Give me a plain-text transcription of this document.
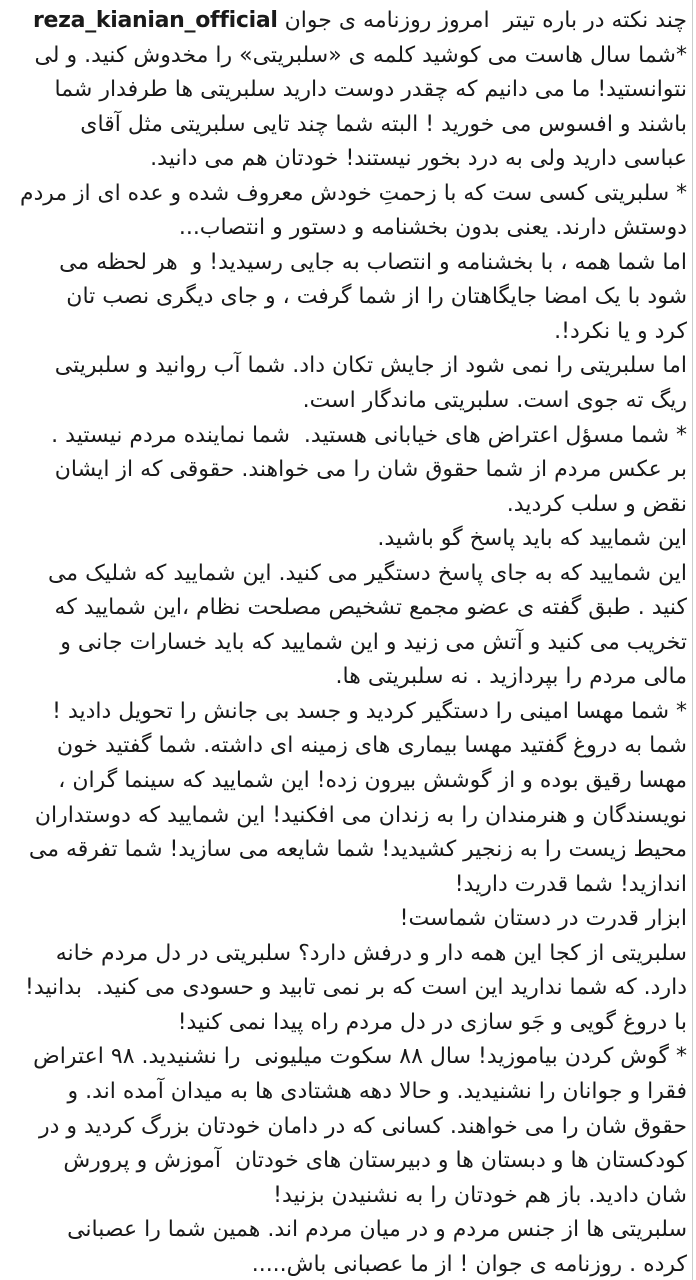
چند نکته در باره تیتر  امروز روزنامه ی جوان reza_kianian_official
*شما سال هاست می کوشید کلمه ی «سلبریتی» را مخدوش کنید. و لی
نتوانستید! ما می دانیم که چقدر دوست دارید سلبریتی ها طرفدار شما
باشند و افسوس می خورید ! البته شما چند تایی سلبریتی مثل آقای
عباسی دارید ولی به درد بخور نیستند! خودتان هم می دانید.
* سلبریتی کسی ست که با زحمتِ خودش معروف شده و عده ای از مردم
دوستش دارند. یعنی بدون بخشنامه و دستور و انتصاب...
اما شما همه ، با بخشنامه و انتصاب به جایی رسیدید! و  هر لحظه می
شود با یک امضا جایگاهتان را از شما گرفت ، و جای دیگری نصب تان
کرد و یا نکرد!.
اما سلبریتی را نمی شود از جایش تکان داد. شما آب روانید و سلبریتی
ریگ ته جوی است. سلبریتی ماندگار است.
* شما مسؤل اعتراض های خیابانی هستید.  شما نماینده مردم نیستید .
بر عکس مردم از شما حقوق شان را می خواهند. حقوقی که از ایشان
نقض و سلب کردید.
این شمایید که باید پاسخ گو باشید.
این شمایید که به جای پاسخ دستگیر می کنید. این شمایید که شلیک می
کنید . طبق گفته ی عضو مجمع تشخیص مصلحت نظام ،این شمایید که
تخریب می کنید و آتش می زنید و این شمایید که باید خسارات جانی و
مالی مردم را بپردازید . نه سلبریتی ها.
* شما مهسا امینی را دستگیر کردید و جسد بی جانش را تحویل دادید !
شما به دروغ گفتید مهسا بیماری های زمینه ای داشته. شما گفتید خون
مهسا رقیق بوده و از گوشش بیرون زده! این شمایید که سینما گران ،
نویسندگان و هنرمندان را به زندان می افکنید! این شمایید که دوستداران
محیط زیست را به زنجیر کشیدید! شما شایعه می سازید! شما تفرقه می
اندازید! شما قدرت دارید!
ابزار قدرت در دستان شماست!
سلبریتی از کجا این همه دار و درفش دارد؟ سلبریتی در دل مردم خانه
دارد. که شما ندارید این است که بر نمی تابید و حسودی می کنید.  بدانید!
با دروغ گویی و جَو سازی در دل مردم راه پیدا نمی کنید!
* گوش کردن بیاموزید! سال ۸۸ سکوت میلیونی  را نشنیدید. ۹۸ اعتراض
فقرا و جوانان را نشنیدید. و حالا دهه هشتادی ها به میدان آمده اند. و
حقوق شان را می خواهند. کسانی که در دامان خودتان بزرگ کردید و در
کودکستان ها و دبستان ها و دبیرستان های خودتان  آموزش و پرورش
شان دادید. باز هم خودتان را به نشنیدن بزنید!
سلبریتی ها از جنس مردم و در میان مردم اند. همین شما را عصبانی
کرده . روزنامه ی جوان ! از ما عصبانی باش.....
